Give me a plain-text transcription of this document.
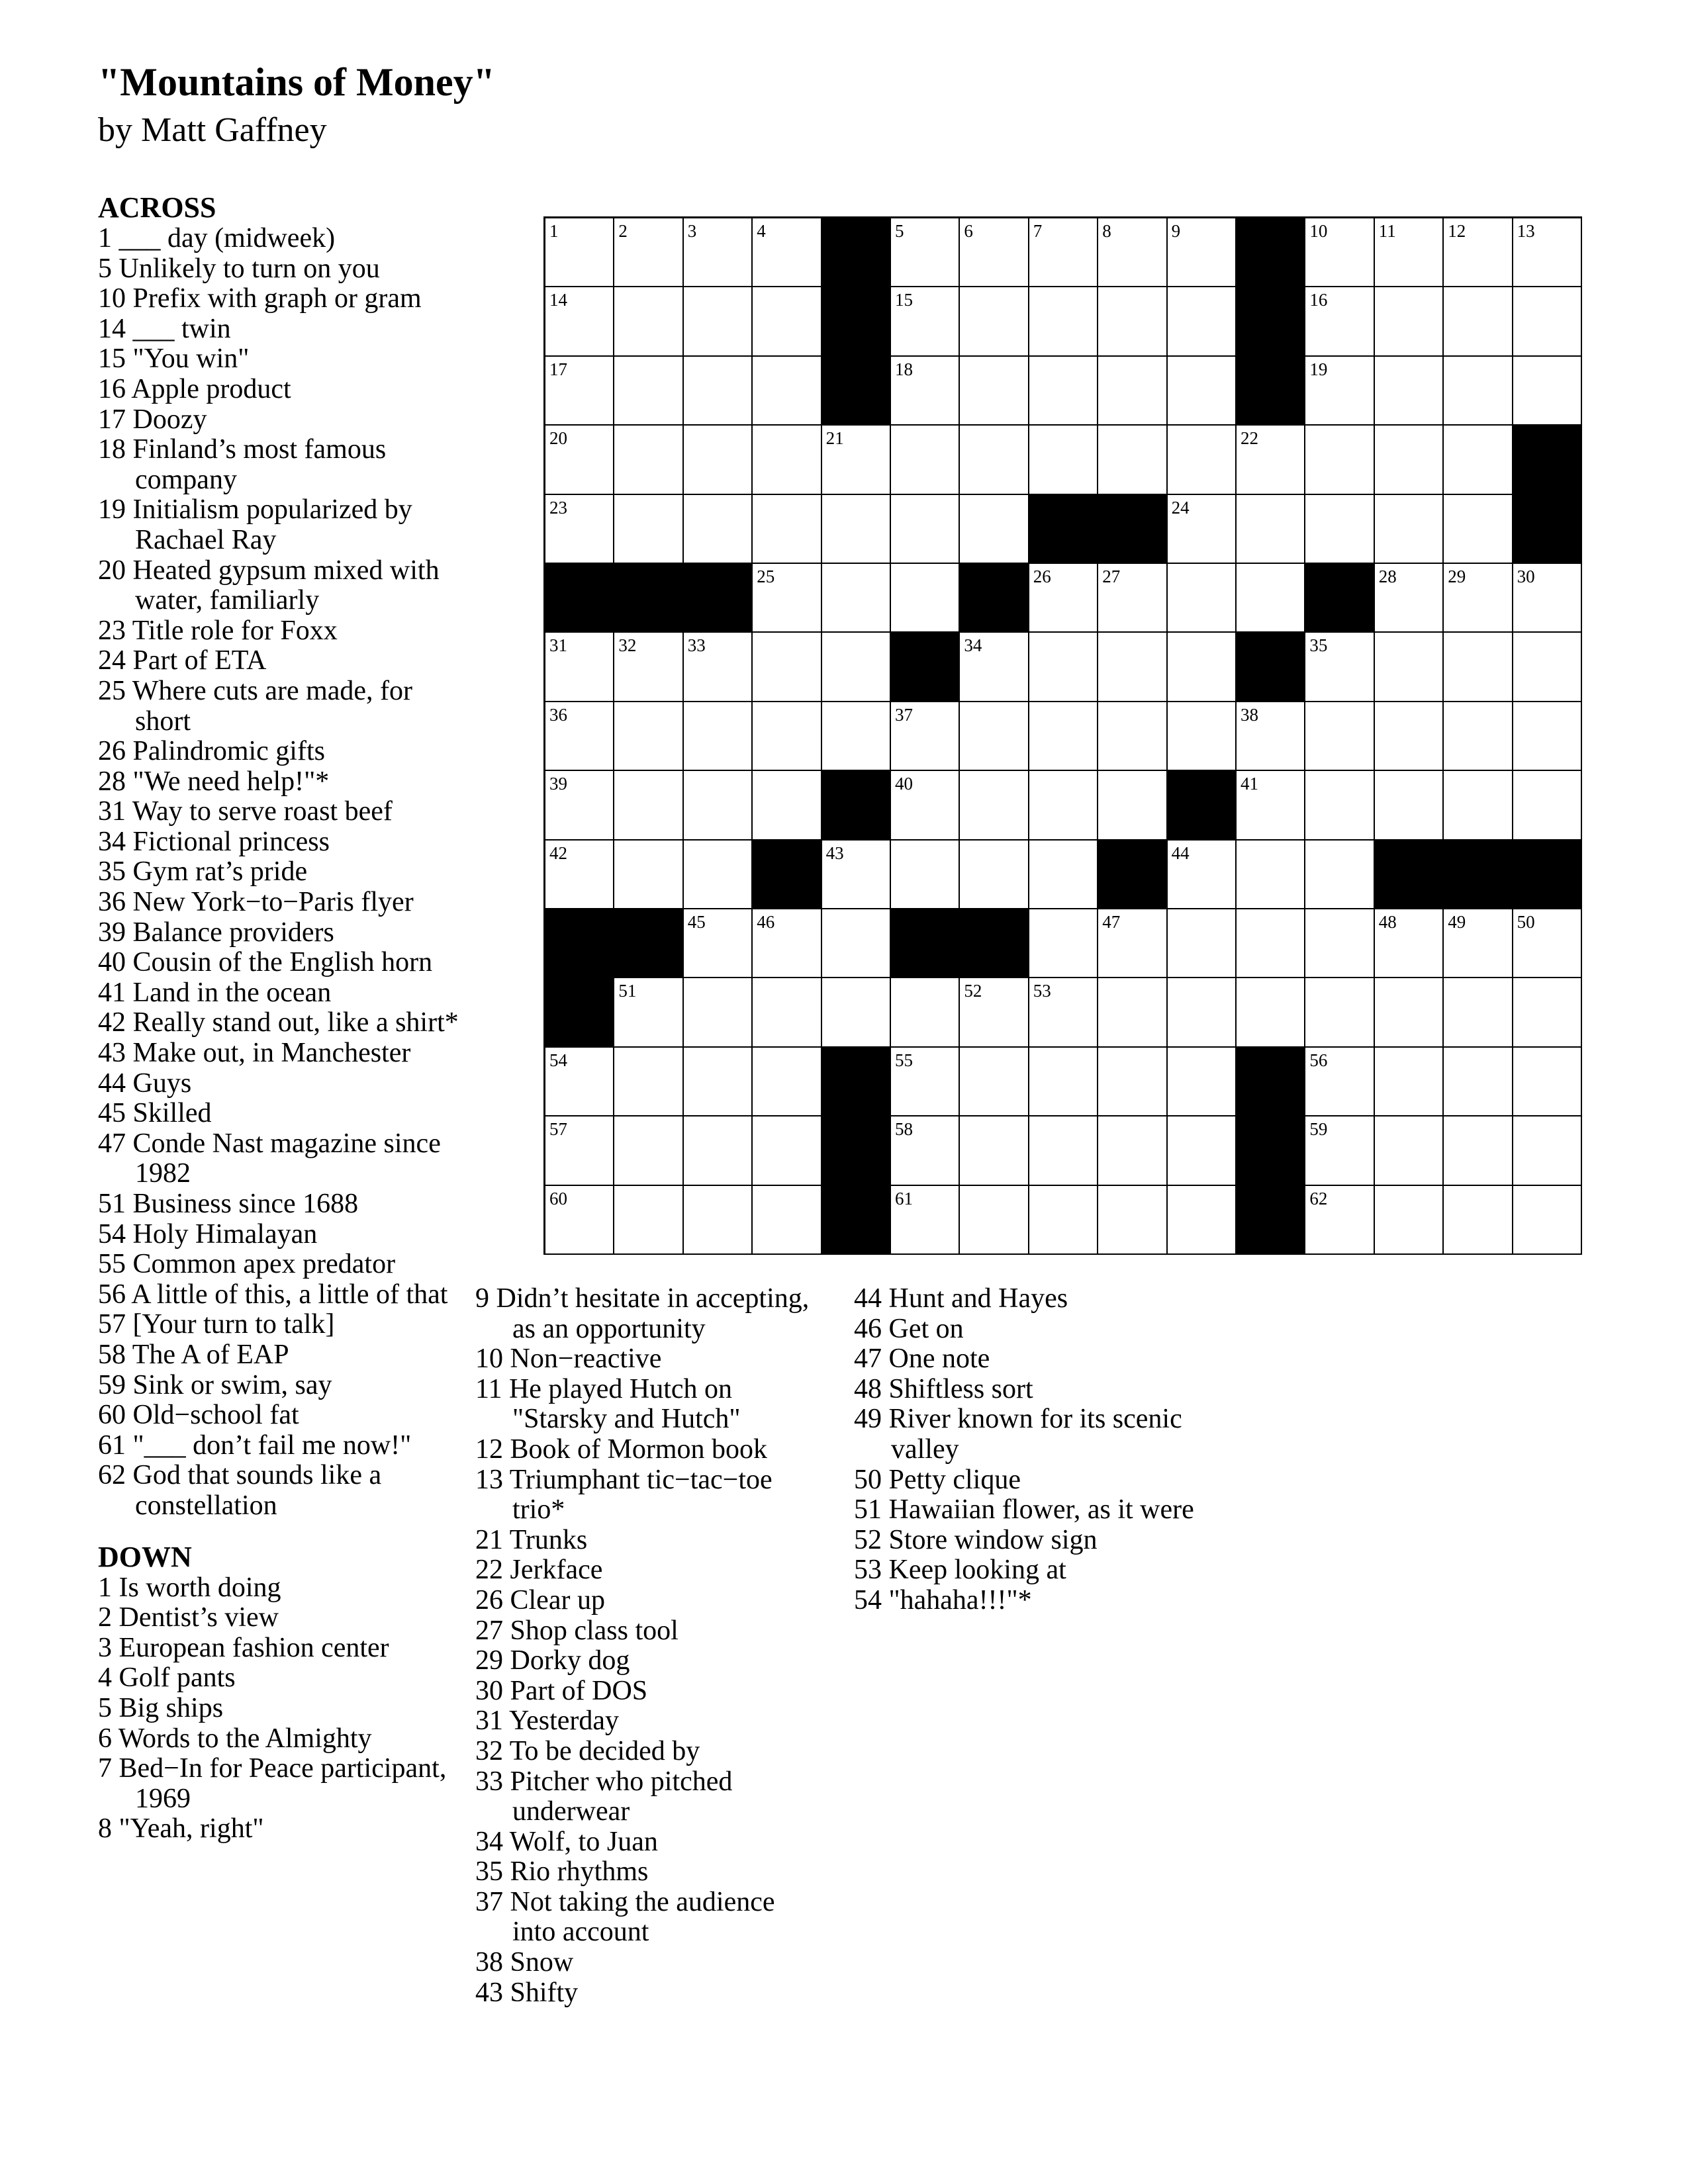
"Mountains of Money"

by Matt Gaffney

ACROSS
1 ___ day (midweek)
5 Unlikely to turn on you
10 Prefix with graph or gram
14 ___ twin
15 "You win"
16 Apple product
17 Doozy
18 Finland’s most famous company
19 Initialism popularized by Rachael Ray
20 Heated gypsum mixed with water, familiarly
23 Title role for Foxx
24 Part of ETA
25 Where cuts are made, for short
26 Palindromic gifts
28 "We need help!"*
31 Way to serve roast beef
34 Fictional princess
35 Gym rat’s pride
36 New York−to−Paris flyer
39 Balance providers
40 Cousin of the English horn
41 Land in the ocean
42 Really stand out, like a shirt*
43 Make out, in Manchester
44 Guys
45 Skilled
47 Conde Nast magazine since 1982
51 Business since 1688
54 Holy Himalayan
55 Common apex predator
56 A little of this, a little of that
57 [Your turn to talk]
58 The A of EAP
59 Sink or swim, say
60 Old−school fat
61 "___ don’t fail me now!"
62 God that sounds like a constellation
DOWN
1 Is worth doing
2 Dentist’s view
3 European fashion center
4 Golf pants
5 Big ships
6 Words to the Almighty
7 Bed−In for Peace participant, 1969
8 "Yeah, right"
9 Didn’t hesitate in accepting, as an opportunity
10 Non−reactive
11 He played Hutch on "Starsky and Hutch"
12 Book of Mormon book
13 Triumphant tic−tac−toe trio*
21 Trunks
22 Jerkface
26 Clear up
27 Shop class tool
29 Dorky dog
30 Part of DOS
31 Yesterday
32 To be decided by
33 Pitcher who pitched underwear
34 Wolf, to Juan
35 Rio rhythms
37 Not taking the audience into account
38 Snow
43 Shifty
44 Hunt and Hayes
46 Get on
47 One note
48 Shiftless sort
49 River known for its scenic valley
50 Petty clique
51 Hawaiian flower, as it were
52 Store window sign
53 Keep looking at
54 "hahaha!!!"*
1	2	3	4	5	6	7	8	9	10	11	12	13
14	15	16
17	18	19
20	21	22
23	24
25	26	27	28	29	30
31	32	33	34	35
36	37	38
39	40	41
42	43	44
45	46	47	48	49	50
51	52	53
54	55	56
57	58	59
60	61	62
